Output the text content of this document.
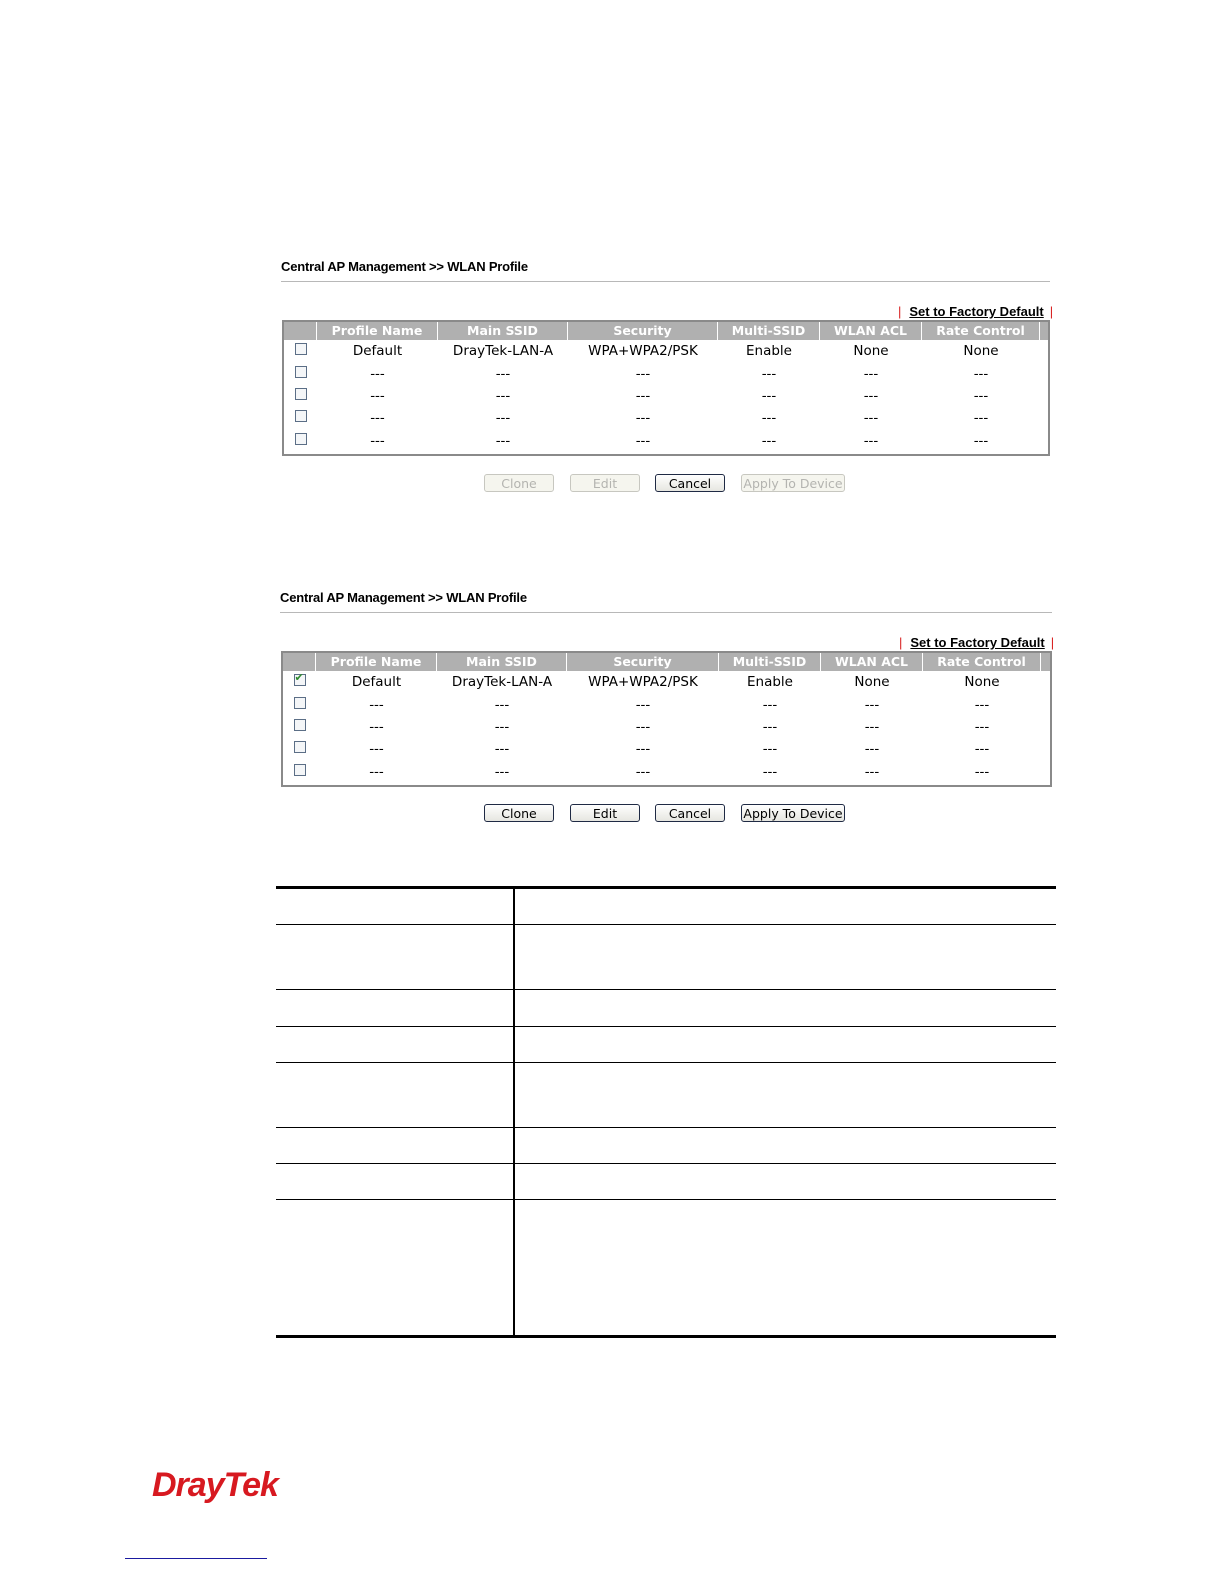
Central AP Management >> WLAN Profile
| Set to Factory Default |
Profile Name	Main SSID	Security	Multi-SSID	WLAN ACL	Rate Control
Default	DrayTek-LAN-A	WPA+WPA2/PSK	Enable	None	None
---	---	---	---	---	---
---	---	---	---	---	---
---	---	---	---	---	---
---	---	---	---	---	---
Clone	Edit	Cancel	Apply To Device
Central AP Management >> WLAN Profile
| Set to Factory Default |
Profile Name	Main SSID	Security	Multi-SSID	WLAN ACL	Rate Control
✔
Default	DrayTek-LAN-A	WPA+WPA2/PSK	Enable	None	None
---	---	---	---	---	---
---	---	---	---	---	---
---	---	---	---	---	---
---	---	---	---	---	---
Clone	Edit	Cancel	Apply To Device
DrayTek
